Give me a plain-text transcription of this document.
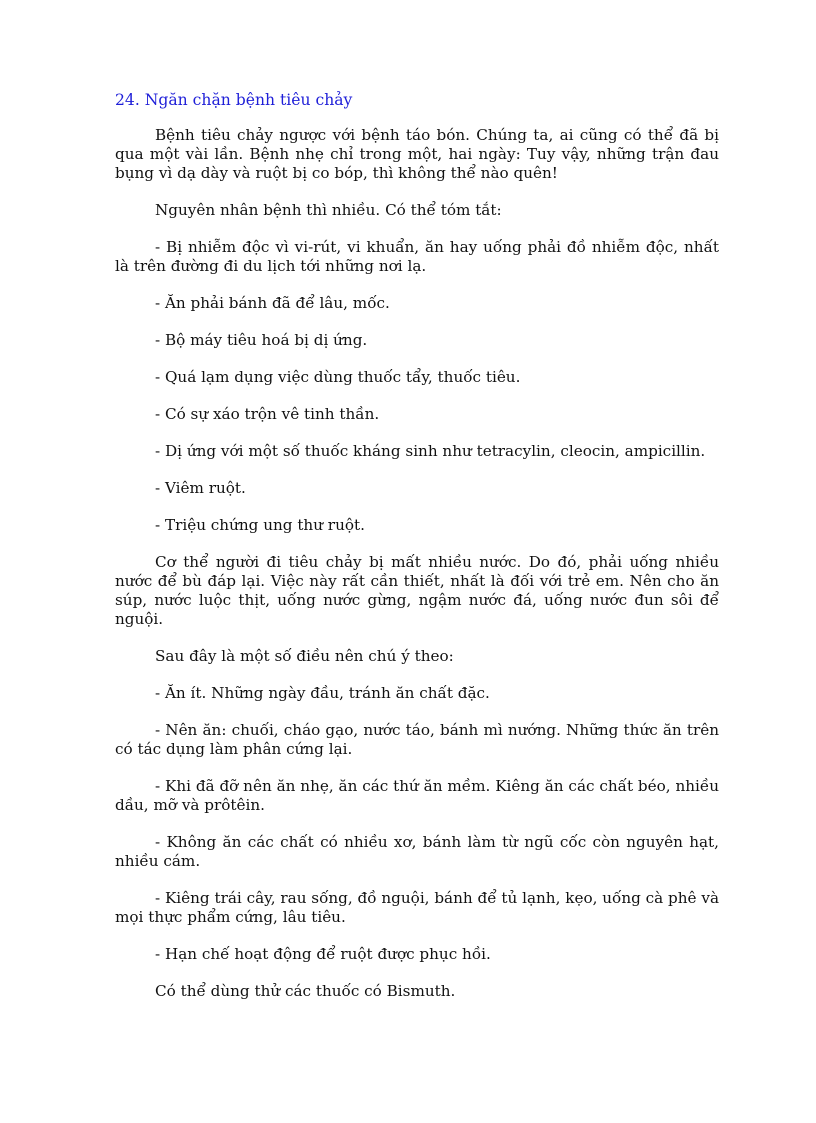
24. Ngăn chặn bệnh tiêu chảy

Bệnh tiêu chảy ngược với bệnh táo bón. Chúng ta, ai cũng có thể đã bị qua một vài lần. Bệnh nhẹ chỉ trong một, hai ngày: Tuy vậy, những trận đau bụng vì dạ dày và ruột bị co bóp, thì không thể nào quên!

Nguyên nhân bệnh thì nhiều. Có thể tóm tắt:

- Bị nhiễm độc vì vi-rút, vi khuẩn, ăn hay uống phải đồ nhiễm độc, nhất là trên đường đi du lịch tới những nơi lạ.

- Ăn phải bánh đã để lâu, mốc.

- Bộ máy tiêu hoá bị dị ứng.

- Quá lạm dụng việc dùng thuốc tẩy, thuốc tiêu.

- Có sự xáo trộn vê tinh thần.

- Dị ứng với một số thuốc kháng sinh như tetracylin, cleocin, ampicillin.

- Viêm ruột.

- Triệu chứng ung thư ruột.

Cơ thể người đi tiêu chảy bị mất nhiều nước. Do đó, phải uống nhiều nước để bù đáp lại. Việc này rất cần thiết, nhất là đối với trẻ em. Nên cho ăn súp, nước luộc thịt, uống nước gừng, ngậm nước đá, uống nước đun sôi để nguội.

Sau đây là một số điều nên chú ý theo:

- Ăn ít. Những ngày đầu, tránh ăn chất đặc.

- Nên ăn: chuối, cháo gạo, nước táo, bánh mì nướng. Những thức ăn trên có tác dụng làm phân cứng lại.

- Khi đã đỡ nên ăn nhẹ, ăn các thứ ăn mềm. Kiêng ăn các chất béo, nhiều dầu, mỡ và prôtêin.

- Không ăn các chất có nhiều xơ, bánh làm từ ngũ cốc còn nguyên hạt, nhiều cám.

- Kiêng trái cây, rau sống, đồ nguội, bánh để tủ lạnh, kẹo, uống cà phê và mọi thực phẩm cứng, lâu tiêu.

- Hạn chế hoạt động để ruột được phục hồi.

Có thể dùng thử các thuốc có Bismuth.
